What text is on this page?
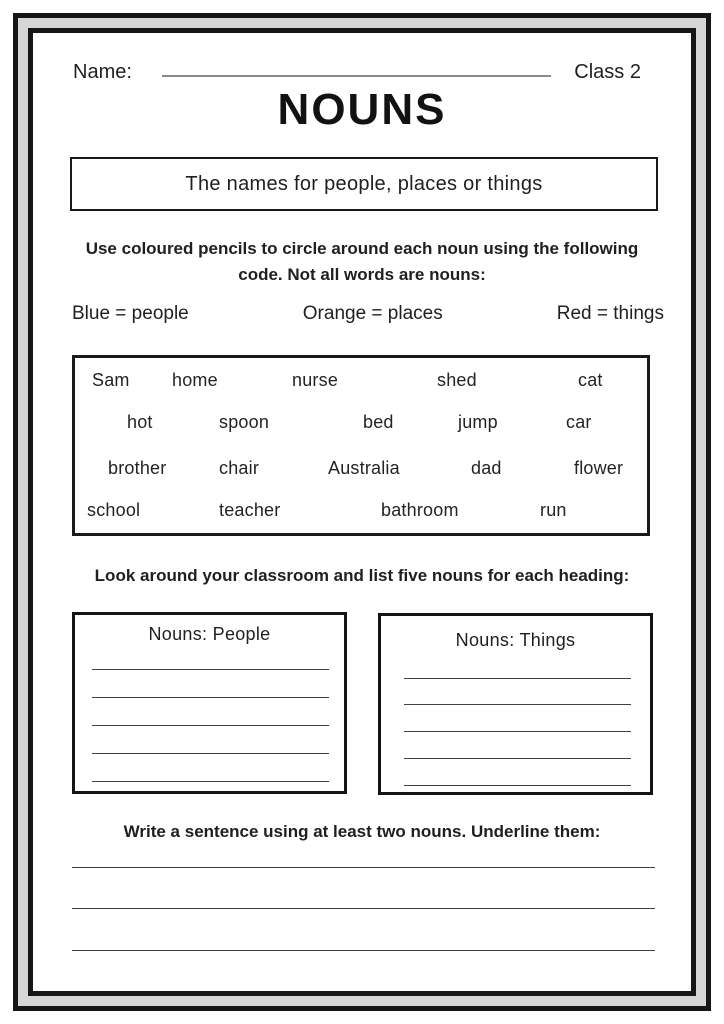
Name:	Class 2
NOUNS
The names for people, places or things

Use coloured pencils to circle around each noun using the following code. Not all words are nouns:

Blue = people	Orange = places	Red = things
Sam home	nurse	shed	cat
hot	spoon	bed	jump	car
brother	chair	Australia	dad	flower
school	teacher	bathroom	run

Look around your classroom and list five nouns for each heading:

Nouns: People	Nouns: Things

Write a sentence using at least two nouns. Underline them:
